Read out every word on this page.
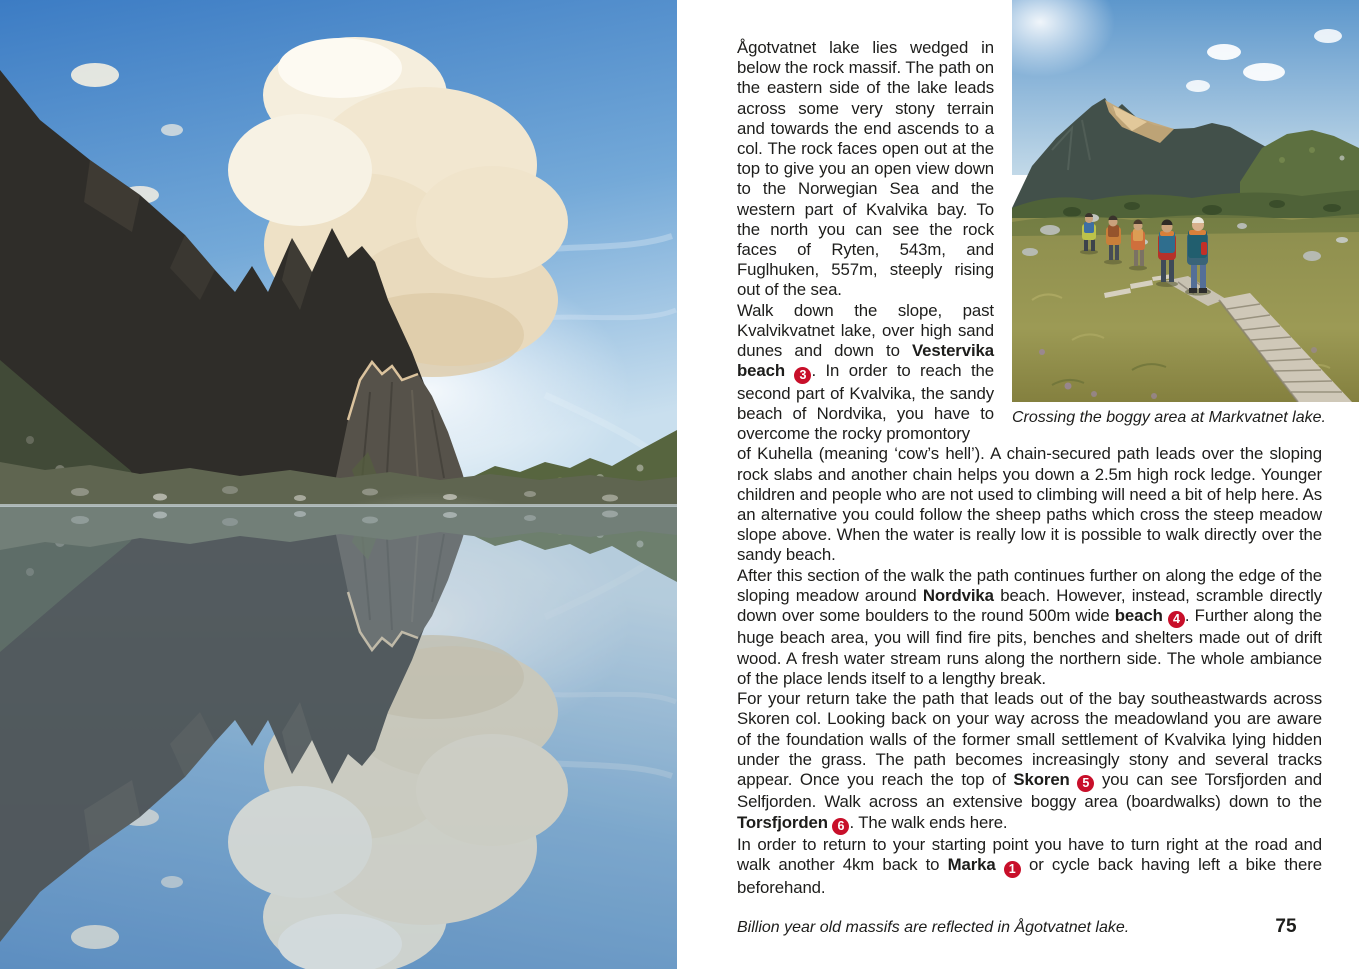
Crossing the boggy area at Markvatnet lake.

Ågotvatnet lake lies wedged in below the rock massif. The path on the eastern side of the lake leads across some very stony terrain and towards the end ascends to a col. The rock faces open out at the top to give you an open view down to the Norwegian Sea and the western part of Kvalvika bay. To the north you can see the rock faces of Ryten, 543m, and Fuglhuken, 557m, steeply rising out of the sea.

Walk down the slope, past Kvalvikvatnet lake, over high sand dunes and down to Vestervika beach 3 . In order to reach the second part of Kvalvika, the sandy beach of Nordvika, you have to overcome the rocky promontory

of Kuhella (meaning ‘cow’s hell’). A chain-secured path leads over the sloping rock slabs and another chain helps you down a 2.5m high rock ledge. Younger children and people who are not used to climbing will need a bit of help here. As an alternative you could follow the sheep paths which cross the steep meadow slope above. When the water is really low it is possible to walk directly over the sandy beach.

After this section of the walk the path continues further on along the edge of the sloping meadow around Nordvika beach. However, instead, scramble directly down over some boulders to the round 500m wide beach 4 . Further along the huge beach area, you will find fire pits, benches and shelters made out of drift wood. A fresh water stream runs along the northern side. The whole ambiance of the place lends itself to a lengthy break.

For your return take the path that leads out of the bay southeastwards across Skoren col. Looking back on your way across the meadowland you are aware of the foundation walls of the former small settlement of Kvalvika lying hidden under the grass. The path becomes increasingly stony and several tracks appear. Once you reach the top of Skoren 5 you can see Torsfjorden and Selfjorden. Walk across an extensive boggy area (boardwalks) down to the Torsfjorden 6 . The walk ends here.

In order to return to your starting point you have to turn right at the road and walk another 4km back to Marka 1 or cycle back having left a bike there beforehand.

Billion year old massifs are reflected in Ågotvatnet lake.	75
